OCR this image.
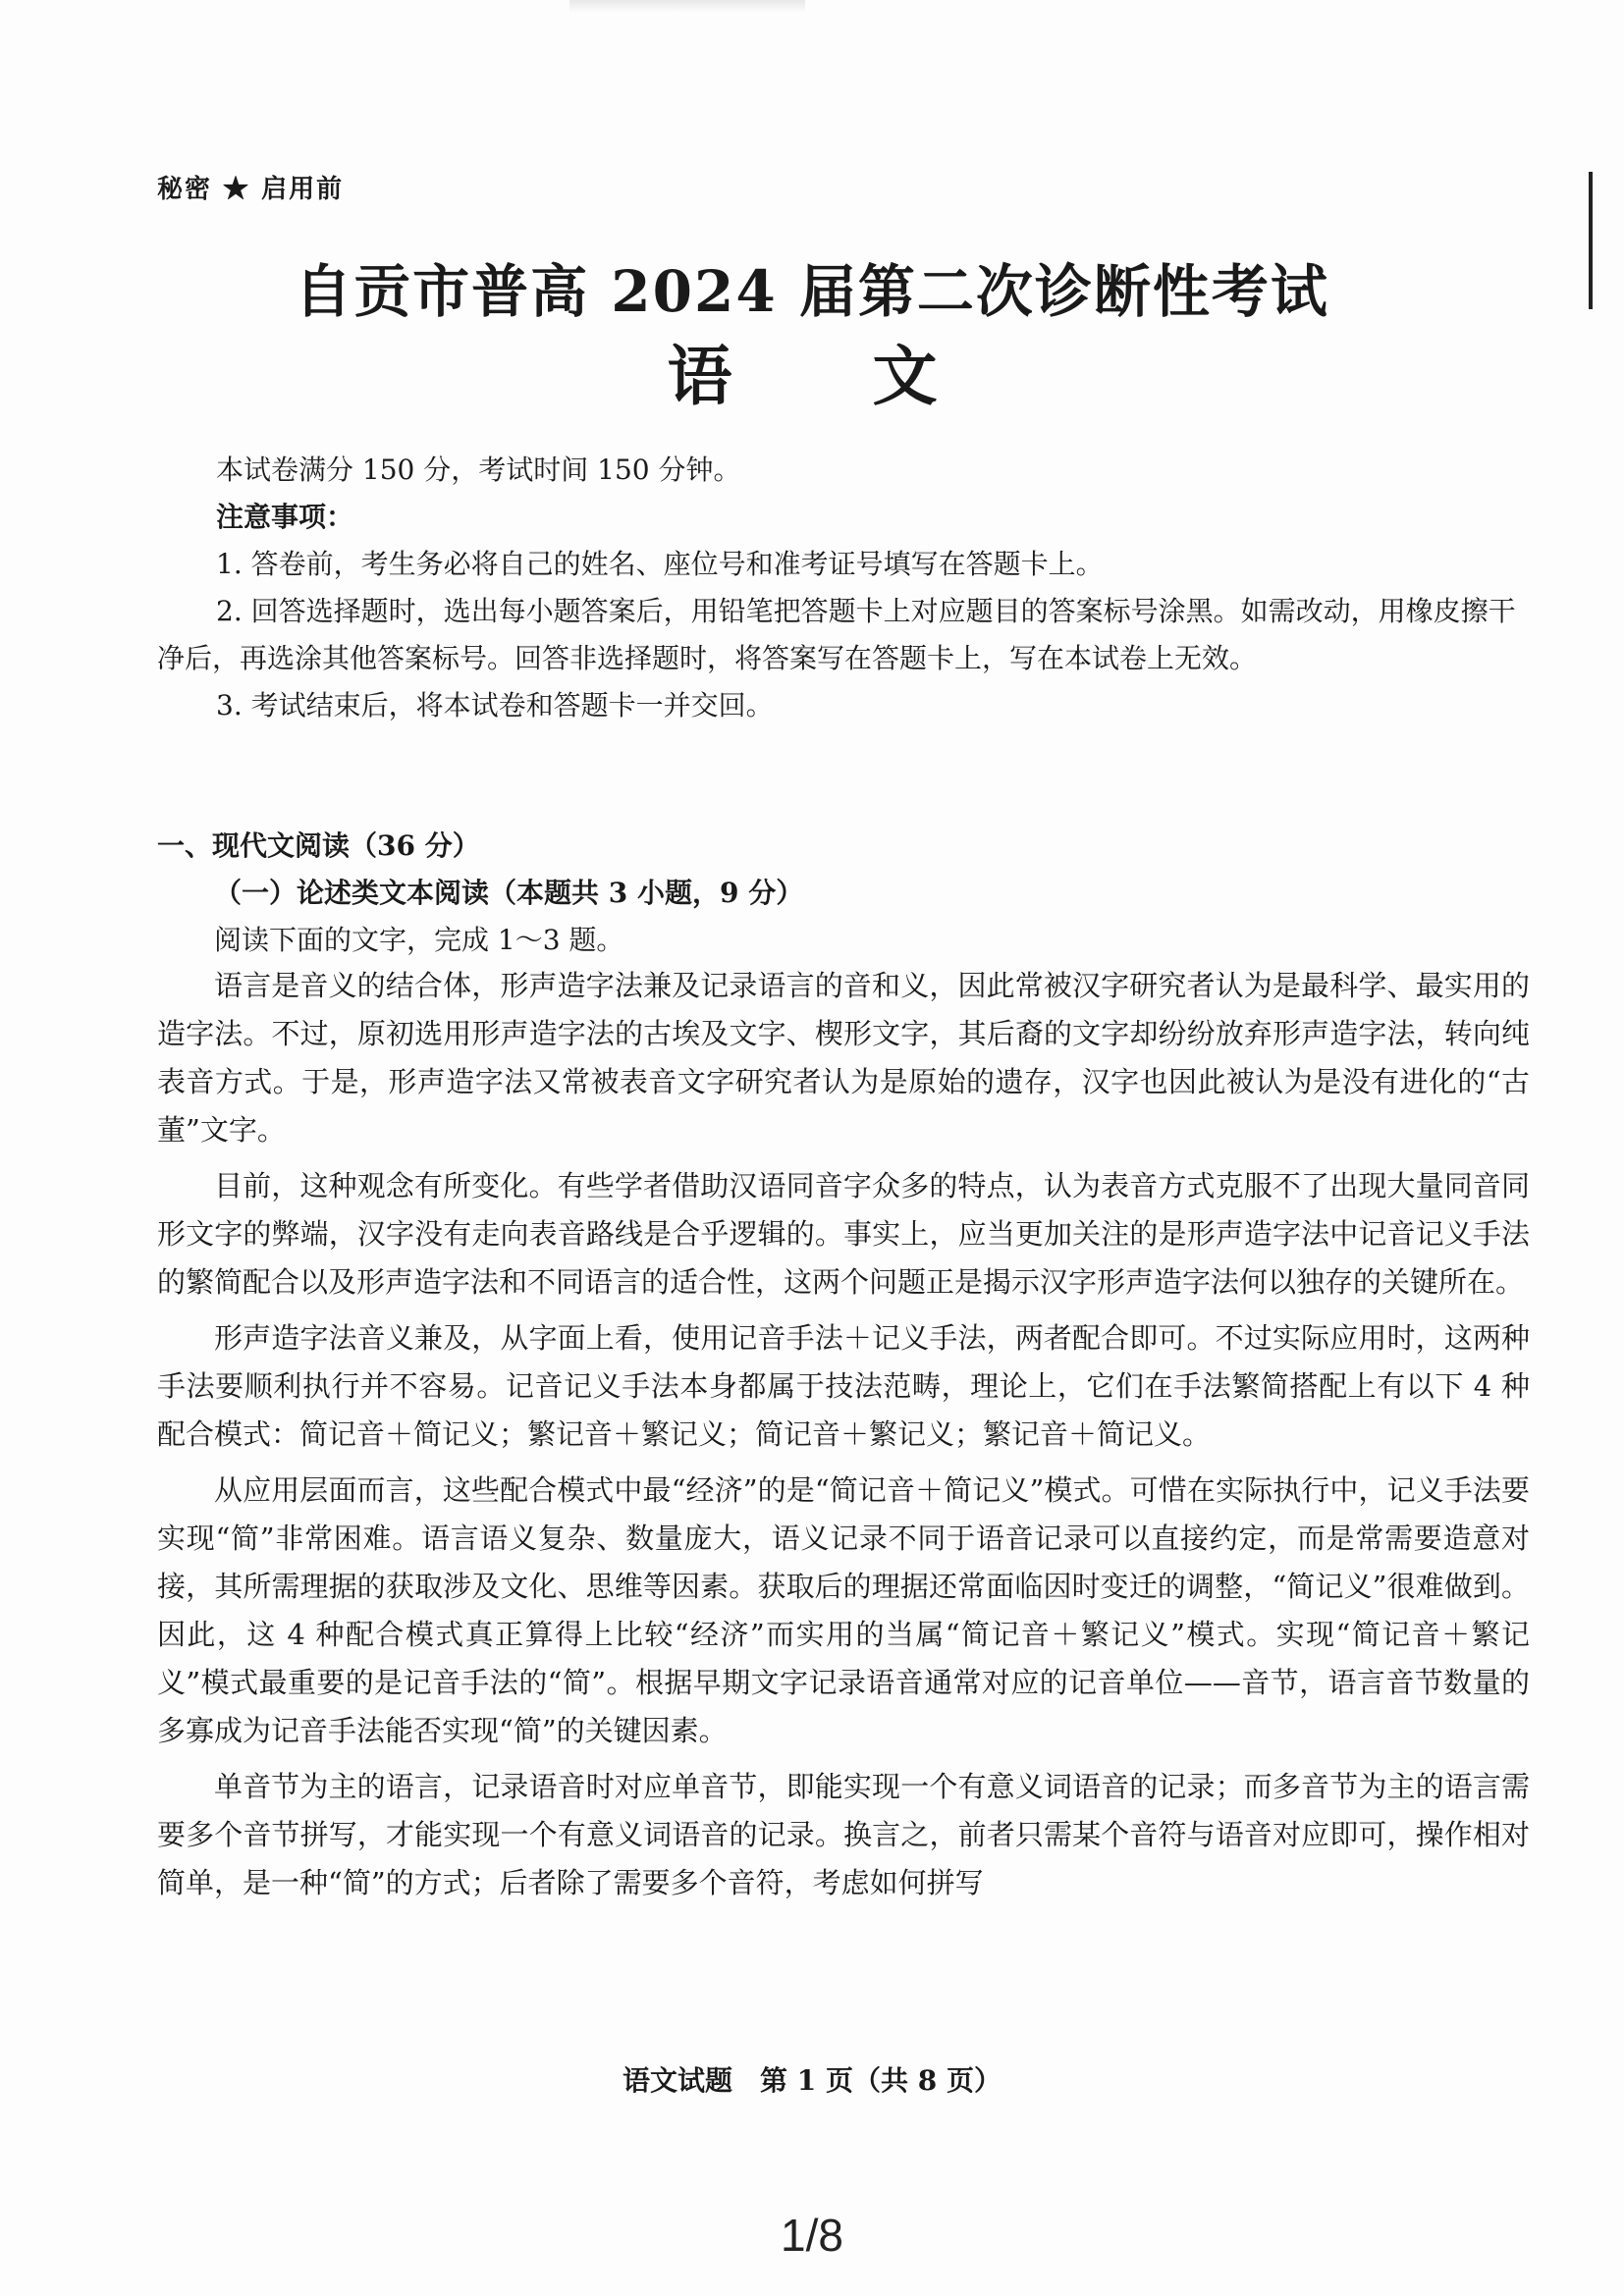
秘密 ★ 启用前
自贡市普高 2024 届第二次诊断性考试
语 文

本试卷满分 150 分，考试时间 150 分钟。

注意事项：

1. 答卷前，考生务必将自己的姓名、座位号和准考证号填写在答题卡上。

2. 回答选择题时，选出每小题答案后，用铅笔把答题卡上对应题目的答案标号涂黑。如需改动，用橡皮擦干净后，再选涂其他答案标号。回答非选择题时，将答案写在答题卡上，写在本试卷上无效。

3. 考试结束后，将本试卷和答题卡一并交回。

一、现代文阅读（36 分）
（一）论述类文本阅读（本题共 3 小题，9 分）
阅读下面的文字，完成 1～3 题。

语言是音义的结合体，形声造字法兼及记录语言的音和义，因此常被汉字研究者认为是最科学、最实用的造字法。不过，原初选用形声造字法的古埃及文字、楔形文字，其后裔的文字却纷纷放弃形声造字法，转向纯表音方式。于是，形声造字法又常被表音文字研究者认为是原始的遗存，汉字也因此被认为是没有进化的“古董”文字。

目前，这种观念有所变化。有些学者借助汉语同音字众多的特点，认为表音方式克服不了出现大量同音同形文字的弊端，汉字没有走向表音路线是合乎逻辑的。事实上，应当更加关注的是形声造字法中记音记义手法的繁简配合以及形声造字法和不同语言的适合性，这两个问题正是揭示汉字形声造字法何以独存的关键所在。

形声造字法音义兼及，从字面上看，使用记音手法＋记义手法，两者配合即可。不过实际应用时，这两种手法要顺利执行并不容易。记音记义手法本身都属于技法范畴，理论上，它们在手法繁简搭配上有以下 4 种配合模式：简记音＋简记义；繁记音＋繁记义；简记音＋繁记义；繁记音＋简记义。

从应用层面而言，这些配合模式中最“经济”的是“简记音＋简记义”模式。可惜在实际执行中，记义手法要实现“简”非常困难。语言语义复杂、数量庞大，语义记录不同于语音记录可以直接约定，而是常需要造意对接，其所需理据的获取涉及文化、思维等因素。获取后的理据还常面临因时变迁的调整，“简记义”很难做到。因此，这 4 种配合模式真正算得上比较“经济”而实用的当属“简记音＋繁记义”模式。实现“简记音＋繁记义”模式最重要的是记音手法的“简”。根据早期文字记录语音通常对应的记音单位——音节，语言音节数量的多寡成为记音手法能否实现“简”的关键因素。

单音节为主的语言，记录语音时对应单音节，即能实现一个有意义词语音的记录；而多音节为主的语言需要多个音节拼写，才能实现一个有意义词语音的记录。换言之，前者只需某个音符与语音对应即可，操作相对简单，是一种“简”的方式；后者除了需要多个音符，考虑如何拼写

语文试题　第 1 页（共 8 页）
1/8
